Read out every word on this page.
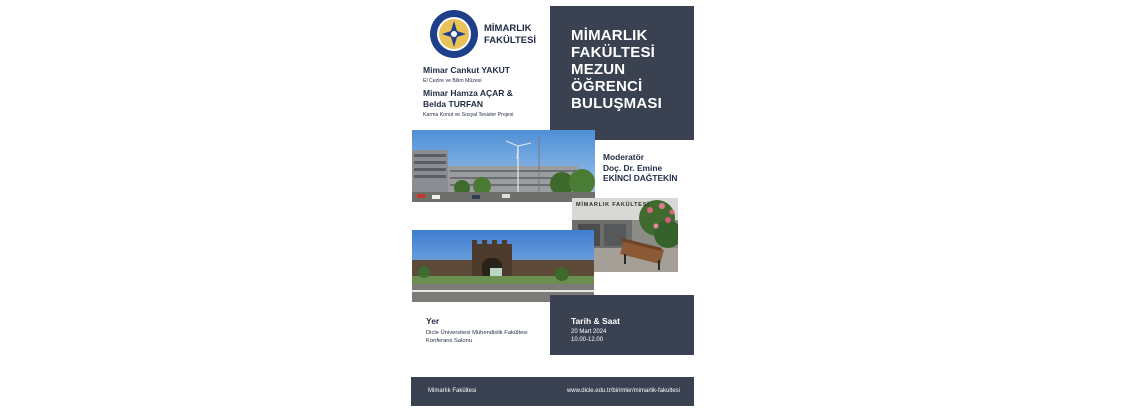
MİMARLIK
FAKÜLTESİ
Mimar Cankut YAKUT
El Cezire ve Bilim Müzesi
Mimar Hamza AÇAR &
Belda TURFAN
Karma Konut ve Sosyal Tesisler Projesi
MİMARLIK
FAKÜLTESİ
MEZUN
ÖĞRENCİ
BULUŞMASI
Moderatör
Doç. Dr. Emine
EKİNCİ DAĞTEKİN
MİMARLIK FAKÜLTESİ
Tarih & Saat
20 Mart 2024
10.00-12.00
Yer
Dicle Üniversitesi Mühendislik Fakültesi Konferans Salonu
Mimarlık Fakültesi	www.dicle.edu.tr/birimler/mimarlik-fakultesi
